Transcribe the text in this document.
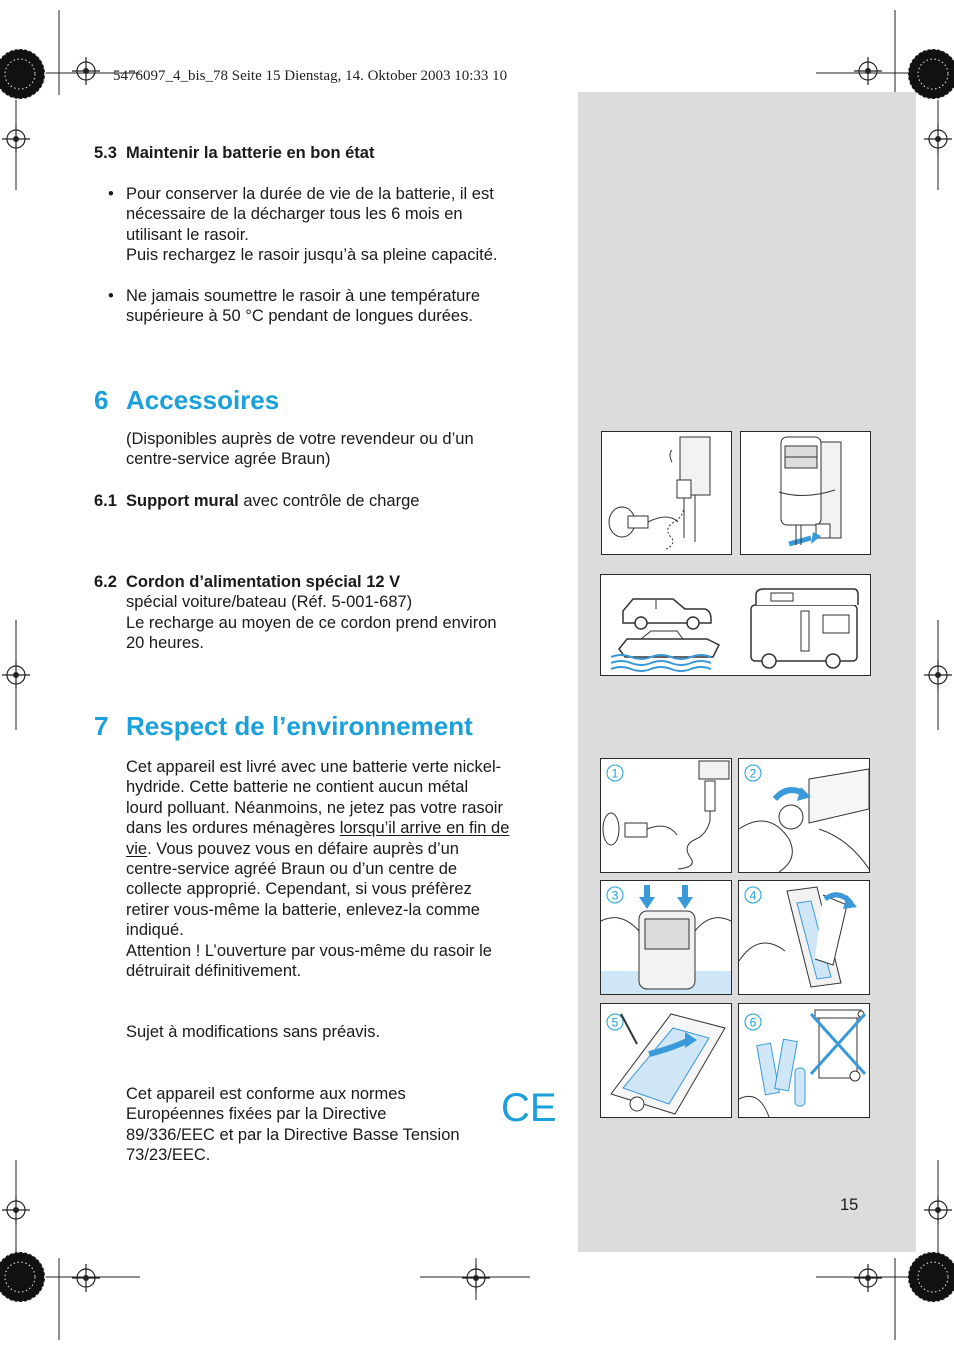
5476097_4_bis_78 Seite 15 Dienstag, 14. Oktober 2003 10:33 10
5.3 Maintenir la batterie en bon état
• Pour conserver la durée de vie de la batterie, il est
nécessaire de la décharger tous les 6 mois en
utilisant le rasoir.
Puis rechargez le rasoir jusqu’à sa pleine capacité.
• Ne jamais soumettre le rasoir à une température
supérieure à 50 °C pendant de longues durées.
6 Accessoires
(Disponibles auprès de votre revendeur ou d’un
centre-service agrée Braun)
6.1 Support mural avec contrôle de charge
6.2 Cordon d’alimentation spécial 12 V
spécial voiture/bateau (Réf. 5-001-687)
Le recharge au moyen de ce cordon prend environ
20 heures.
7 Respect de l’environnement
Cet appareil est livré avec une batterie verte nickel-
hydride. Cette batterie ne contient aucun métal
lourd polluant. Néanmoins, ne jetez pas votre rasoir
dans les ordures ménagères lorsqu’il arrive en fin de
vie. Vous pouvez vous en défaire auprès d’un
centre-service agréé Braun ou d’un centre de
collecte approprié. Cependant, si vous préfèrez
retirer vous-même la batterie, enlevez-la comme
indiqué.
Attention ! L’ouverture par vous-même du rasoir le
détruirait définitivement.
Sujet à modifications sans préavis.
Cet appareil est conforme aux normes
Européennes fixées par la Directive
89/336/EEC et par la Directive Basse Tension
73/23/EEC.
CE
1	2
3	4
5	6
15
